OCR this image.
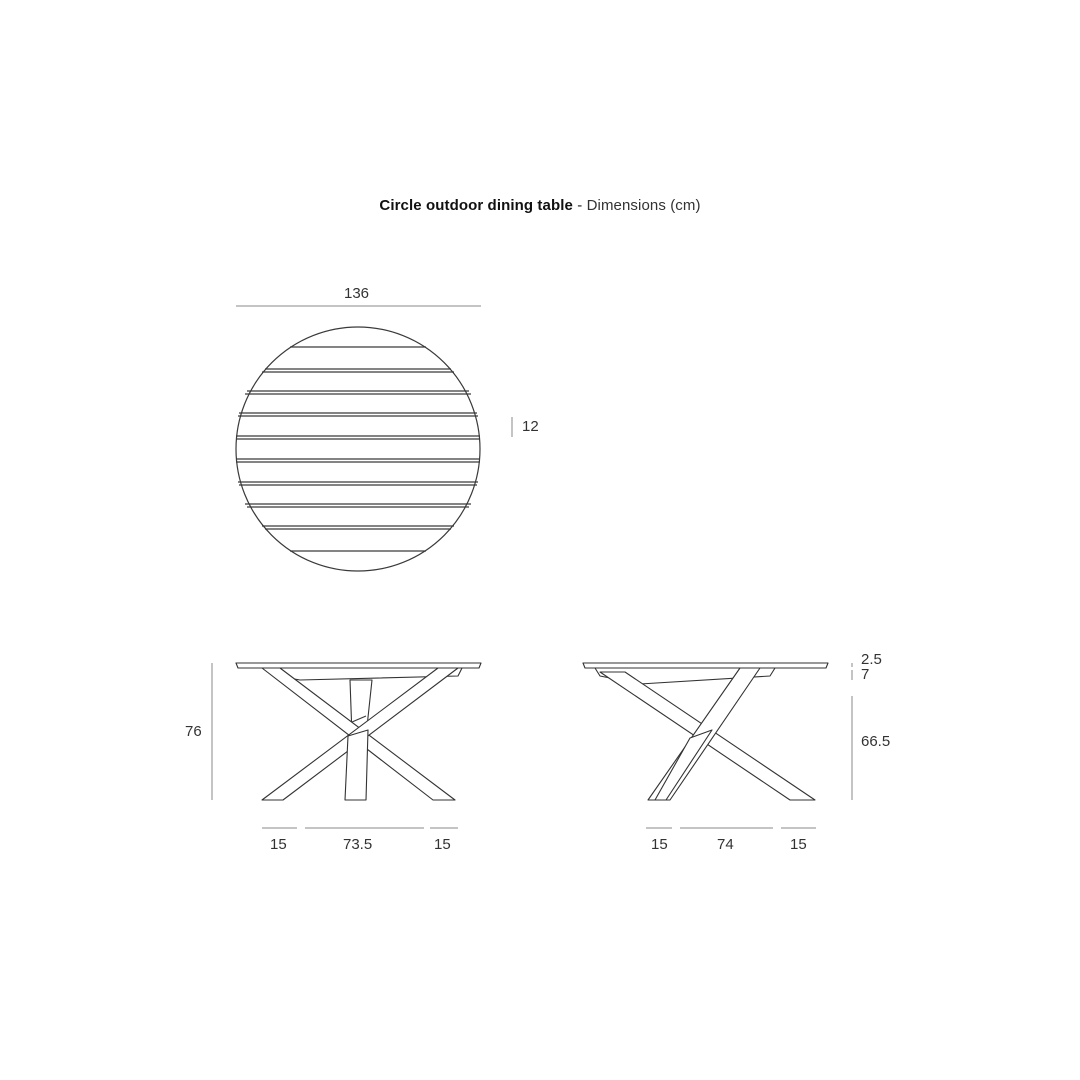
Circle outdoor dining table - Dimensions (cm)
136
12
76
15	73.5	15
2.5
7
66.5
15	74	15
